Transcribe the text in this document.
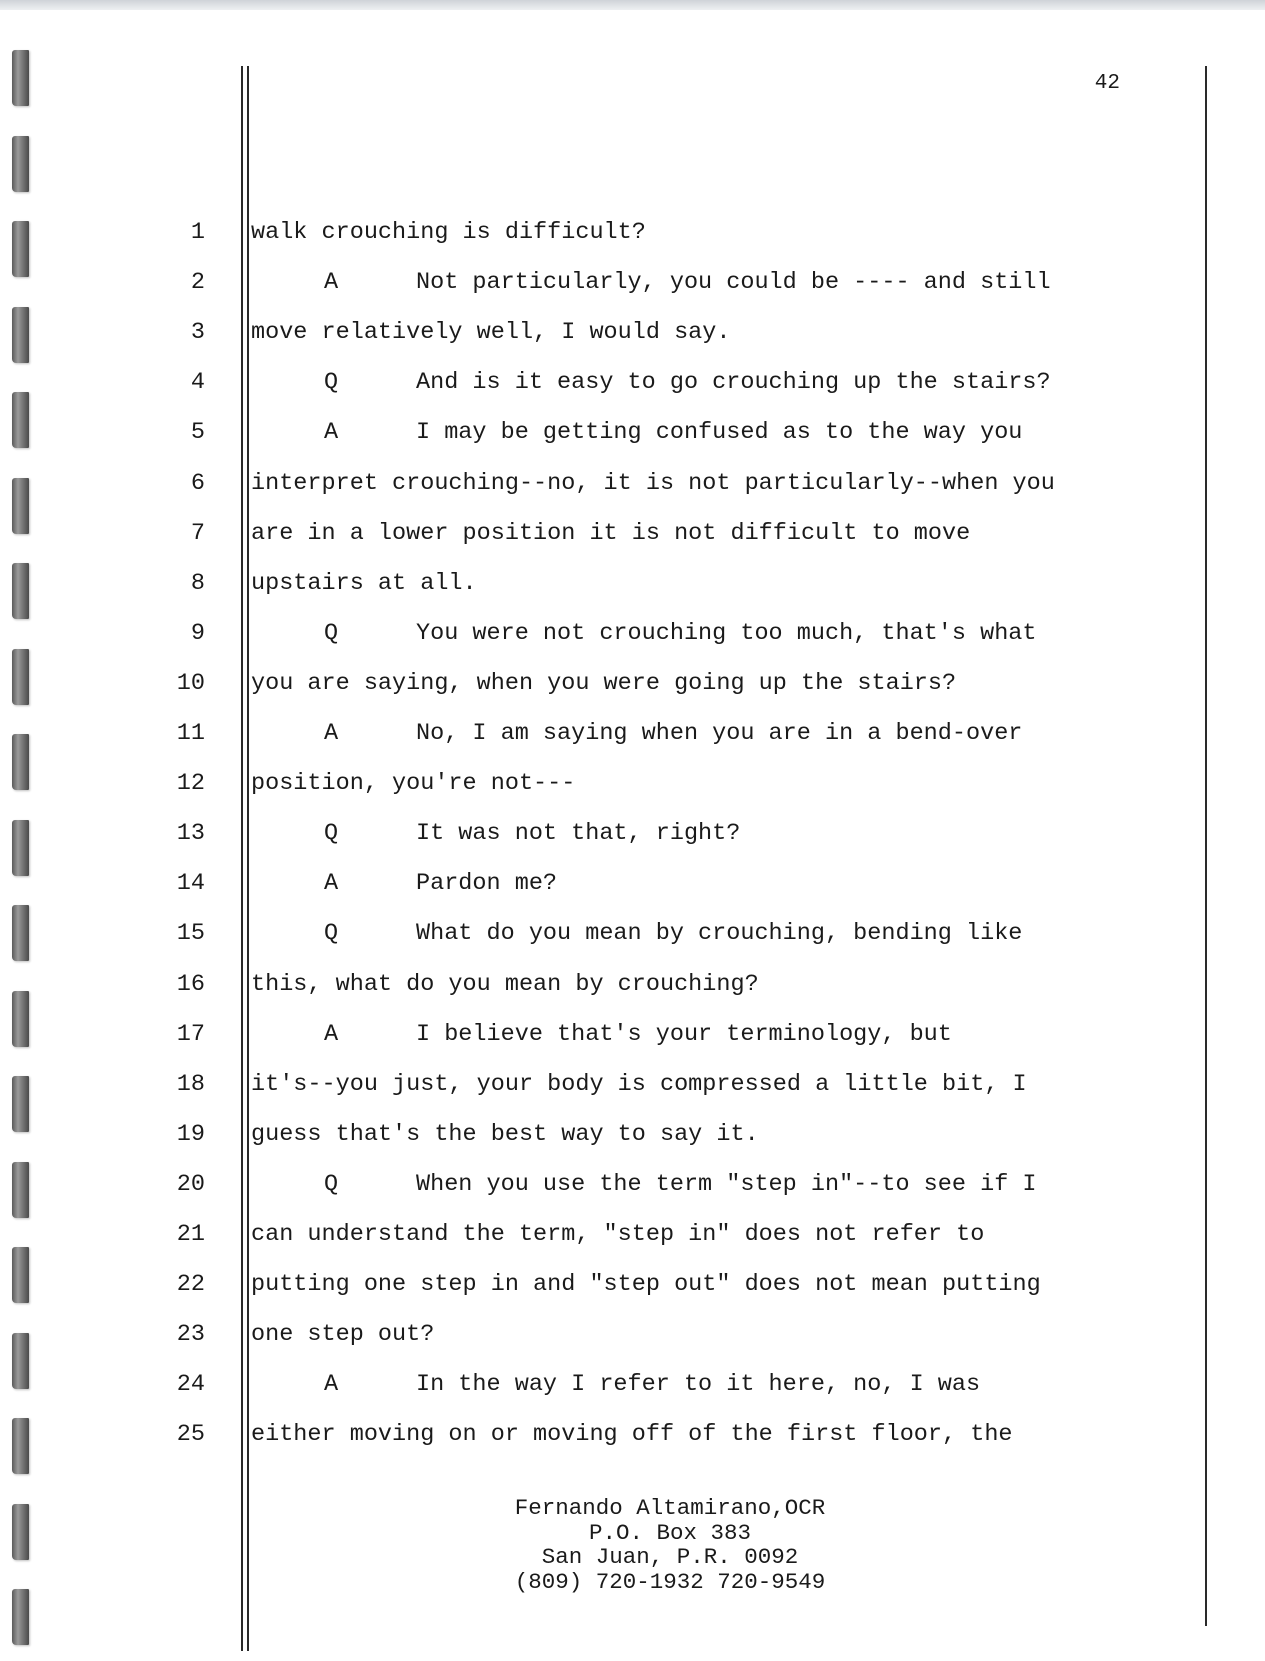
42
1 walk crouching is difficult?
2	A	Not particularly, you could be ---- and still
3 move relatively well, I would say.
4	Q	And is it easy to go crouching up the stairs?
5	A	I may be getting confused as to the way you
6 interpret crouching--no, it is not particularly--when you
7 are in a lower position it is not difficult to move
8 upstairs at all.
9	Q	You were not crouching too much, that's what
10 you are saying, when you were going up the stairs?
11	A	No, I am saying when you are in a bend-over
12 position, you're not---
13	Q	It was not that, right?
14	A	Pardon me?
15	Q	What do you mean by crouching, bending like
16 this, what do you mean by crouching?
17	A	I believe that's your terminology, but
18 it's--you just, your body is compressed a little bit, I
19 guess that's the best way to say it.
20	Q	When you use the term "step in"--to see if I
21 can understand the term, "step in" does not refer to
22 putting one step in and "step out" does not mean putting
23 one step out?
24	A	In the way I refer to it here, no, I was
25 either moving on or moving off of the first floor, the
Fernando Altamirano,OCR
P.O. Box 383
San Juan, P.R. 0092
(809) 720-1932 720-9549
